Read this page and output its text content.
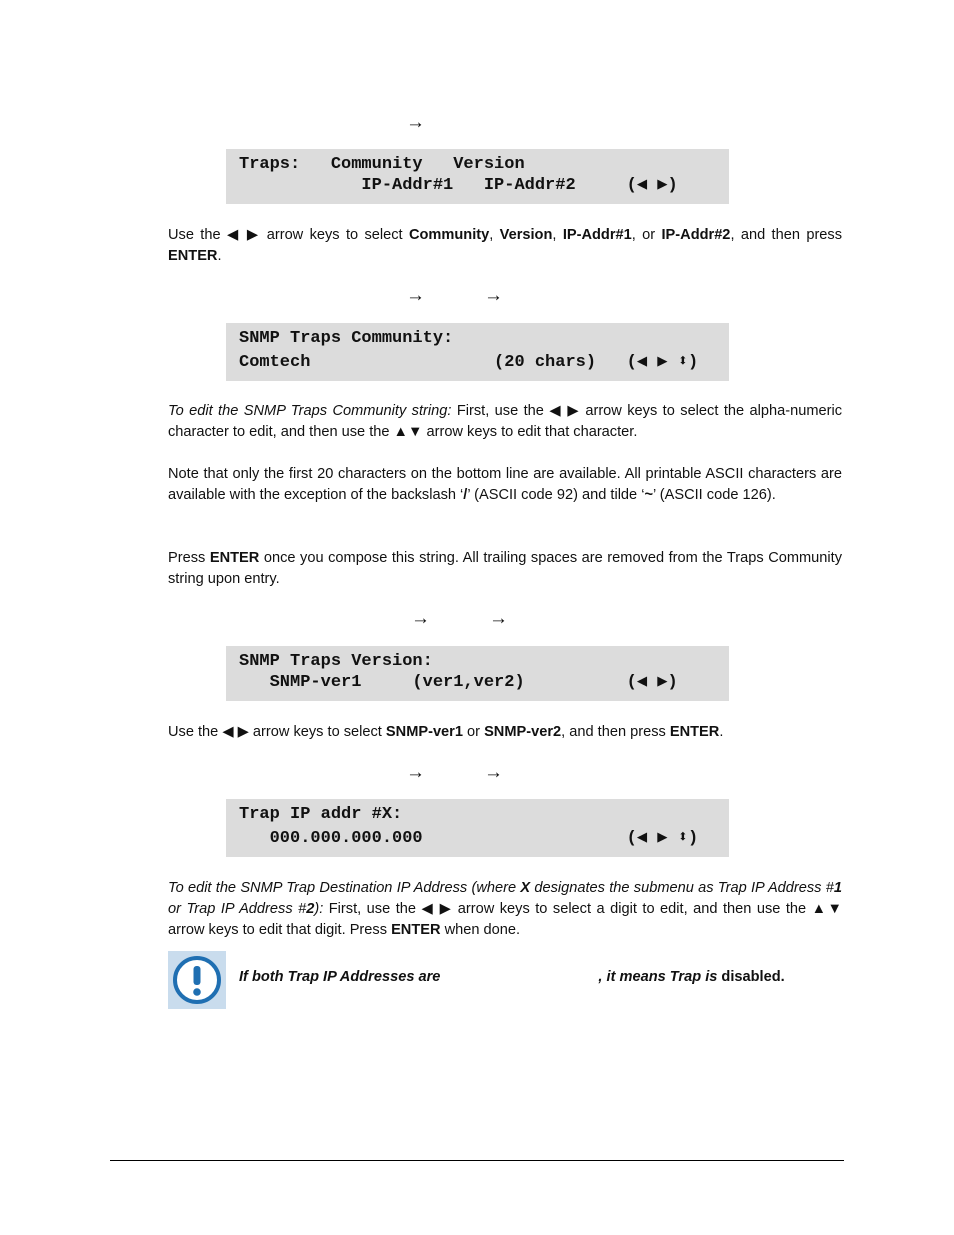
→
Traps:   Community   Version
IP-Addr#1   IP-Addr#2     (◀ ▶)

Use the ◀ ▶ arrow keys to select Community, Version, IP-Addr#1, or IP-Addr#2, and then press ENTER.

→	→
SNMP Traps Community:
Comtech                  (20 chars)   (◀ ▶ ⬍)

To edit the SNMP Traps Community string: First, use the ◀ ▶ arrow keys to select the alpha-numeric character to edit, and then use the ▲▼ arrow keys to edit that character.

Note that only the first 20 characters on the bottom line are available. All printable ASCII characters are available with the exception of the backslash ‘/’ (ASCII code 92) and tilde ‘~’ (ASCII code 126).

Press ENTER once you compose this string. All trailing spaces are removed from the Traps Community string upon entry.

→	→
SNMP Traps Version:
SNMP-ver1     (ver1,ver2)          (◀ ▶)

Use the ◀ ▶ arrow keys to select SNMP-ver1 or SNMP-ver2, and then press ENTER.

→	→
Trap IP addr #X:
000.000.000.000                    (◀ ▶ ⬍)

To edit the SNMP Trap Destination IP Address (where X designates the submenu as Trap IP Address #1 or Trap IP Address #2): First, use the ◀ ▶ arrow keys to select a digit to edit, and then use the ▲▼ arrow keys to edit that digit. Press ENTER when done.

If both Trap IP Addresses are	, it means Trap is disabled.
